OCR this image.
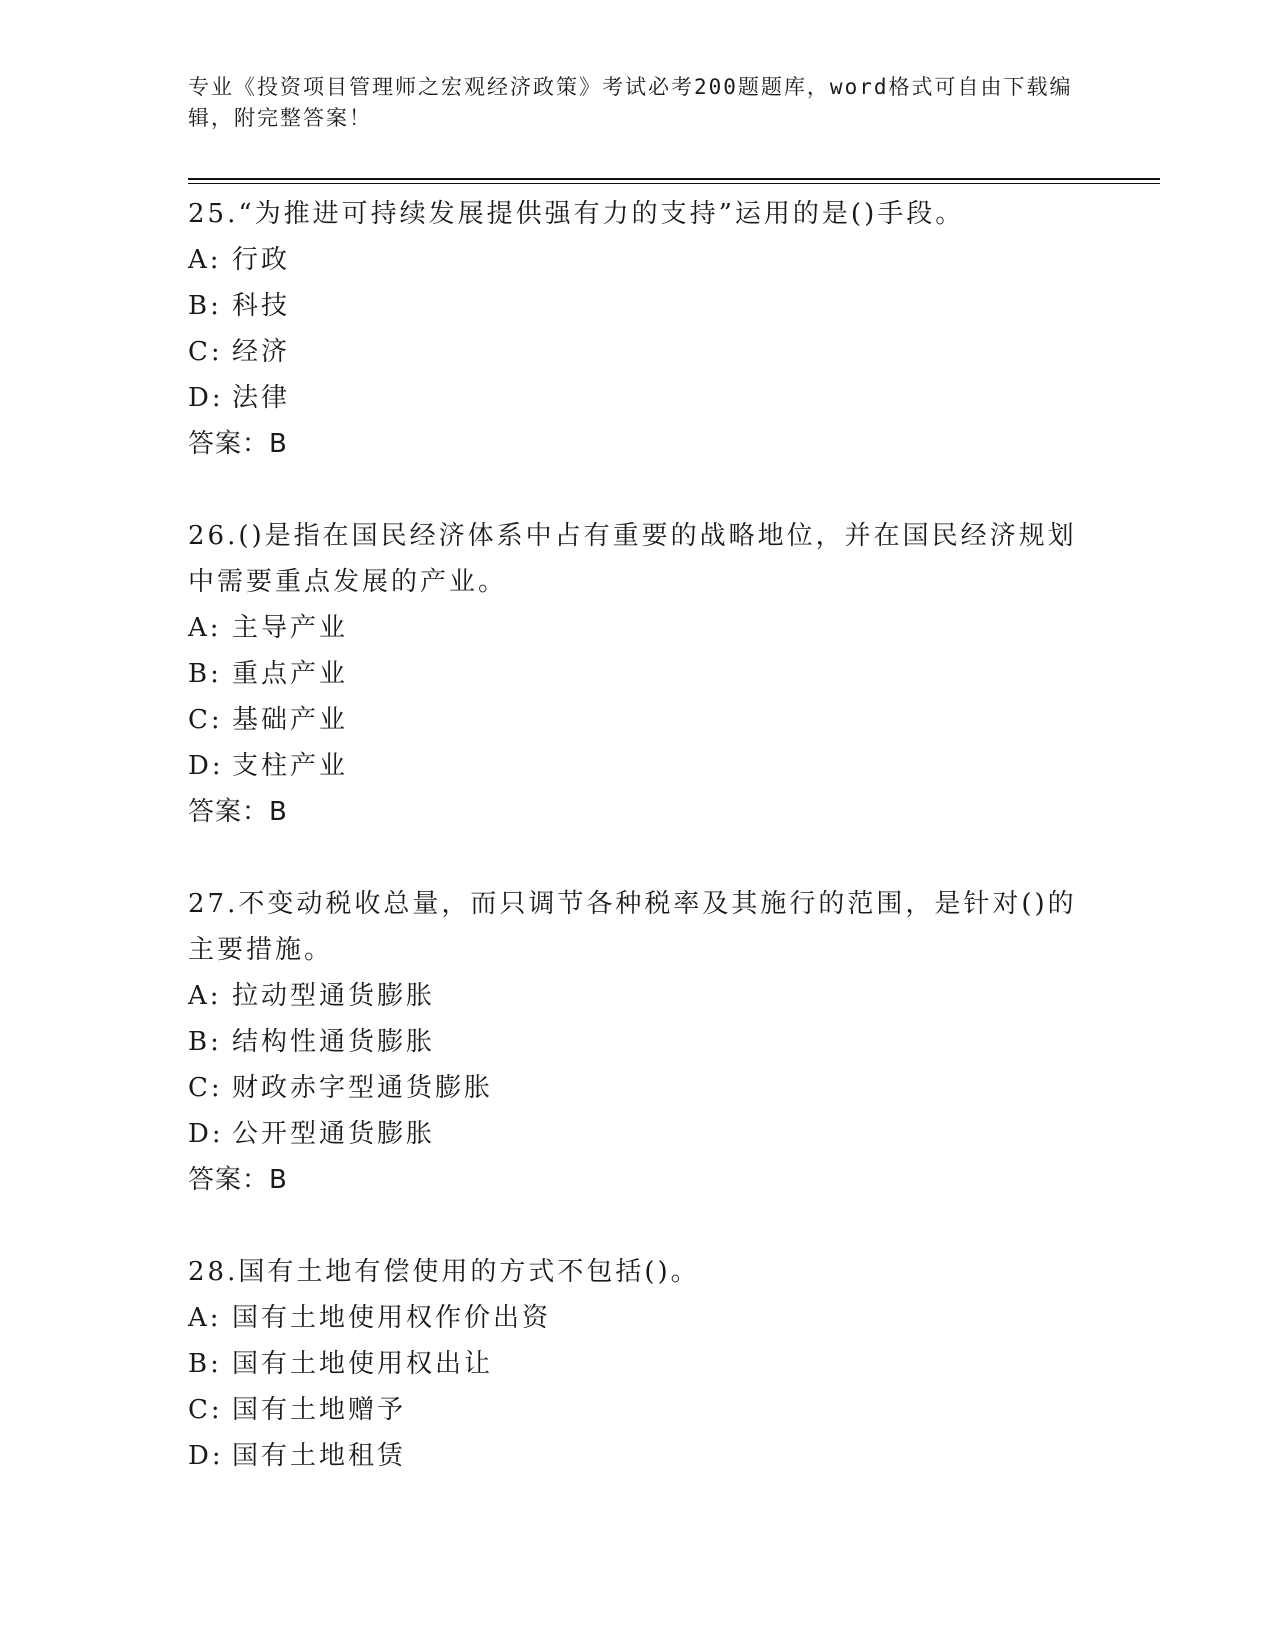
专业《投资项目管理师之宏观经济政策》考试必考200题题库，word格式可自由下载编辑，附完整答案！

25.“为推进可持续发展提供强有力的支持”运用的是()手段。

A: 行政

B: 科技

C: 经济

D: 法律

答案：B

26.()是指在国民经济体系中占有重要的战略地位，并在国民经济规划中需要重点发展的产业。

A: 主导产业

B: 重点产业

C: 基础产业

D: 支柱产业

答案：B

27.不变动税收总量，而只调节各种税率及其施行的范围，是针对()的主要措施。

A: 拉动型通货膨胀

B: 结构性通货膨胀

C: 财政赤字型通货膨胀

D: 公开型通货膨胀

答案：B

28.国有土地有偿使用的方式不包括()。

A: 国有土地使用权作价出资

B: 国有土地使用权出让

C: 国有土地赠予

D: 国有土地租赁
